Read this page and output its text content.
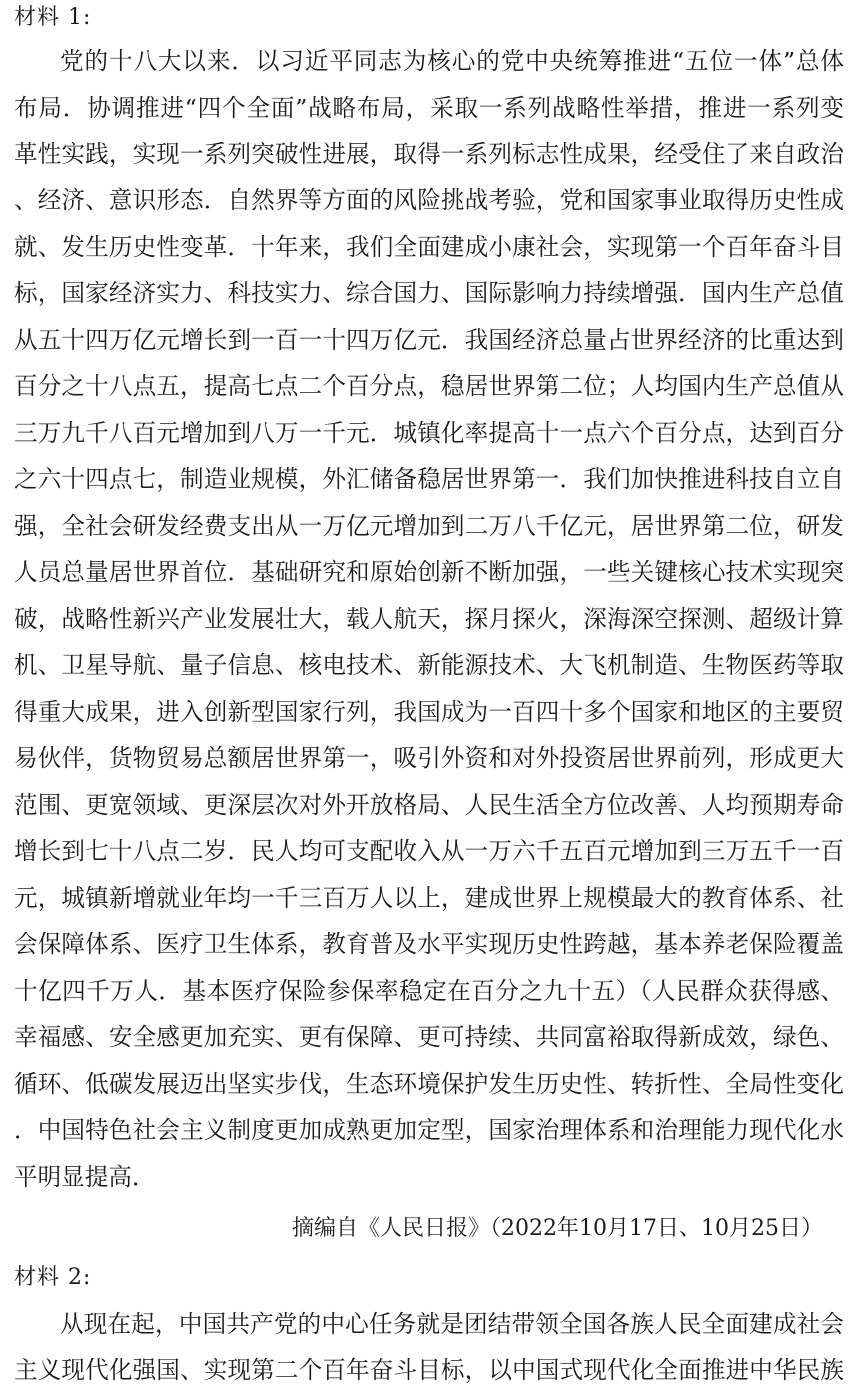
材料 1:
党的十八大以来．以习近平同志为核心的党中央统筹推进“五位一体”总体
布局．协调推进“四个全面”战略布局，采取一系列战略性举措，推进一系列变
革性实践，实现一系列突破性进展，取得一系列标志性成果，经受住了来自政治
、经济、意识形态．自然界等方面的风险挑战考验，党和国家事业取得历史性成
就、发生历史性变革．十年来，我们全面建成小康社会，实现第一个百年奋斗目
标，国家经济实力、科技实力、综合国力、国际影响力持续增强．国内生产总值
从五十四万亿元增长到一百一十四万亿元．我国经济总量占世界经济的比重达到
百分之十八点五，提高七点二个百分点，稳居世界第二位；人均国内生产总值从
三万九千八百元增加到八万一千元．城镇化率提高十一点六个百分点，达到百分
之六十四点七，制造业规模，外汇储备稳居世界第一．我们加快推进科技自立自
强，全社会研发经费支出从一万亿元增加到二万八千亿元，居世界第二位，研发
人员总量居世界首位．基础研究和原始创新不断加强，一些关键核心技术实现突
破，战略性新兴产业发展壮大，载人航天，探月探火，深海深空探测、超级计算
机、卫星导航、量子信息、核电技术、新能源技术、大飞机制造、生物医药等取
得重大成果，进入创新型国家行列，我国成为一百四十多个国家和地区的主要贸
易伙伴，货物贸易总额居世界第一，吸引外资和对外投资居世界前列，形成更大
范围、更宽领域、更深层次对外开放格局、人民生活全方位改善、人均预期寿命
增长到七十八点二岁．民人均可支配收入从一万六千五百元增加到三万五千一百
元，城镇新增就业年均一千三百万人以上，建成世界上规模最大的教育体系、社
会保障体系、医疗卫生体系，教育普及水平实现历史性跨越，基本养老保险覆盖
十亿四千万人．基本医疗保险参保率稳定在百分之九十五）（人民群众获得感、
幸福感、安全感更加充实、更有保障、更可持续、共同富裕取得新成效，绿色、
循环、低碳发展迈出坚实步伐，生态环境保护发生历史性、转折性、全局性变化
．中国特色社会主义制度更加成熟更加定型，国家治理体系和治理能力现代化水
平明显提高．
摘编自《人民日报》（2022年10月17日、10月25日）
材料 2:
从现在起，中国共产党的中心任务就是团结带领全国各族人民全面建成社会
主义现代化强国、实现第二个百年奋斗目标，以中国式现代化全面推进中华民族
